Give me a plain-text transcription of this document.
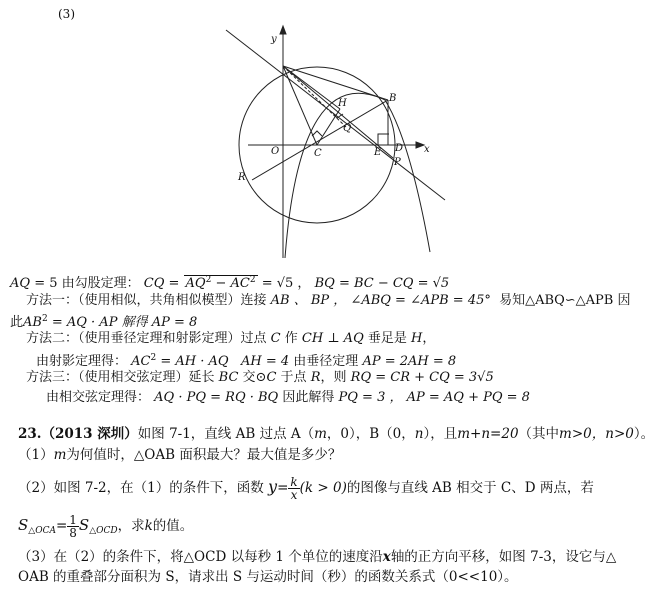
(3)
y
x
O	C	E D
P
B
H
Q
R
AQ = 5 由勾股定理： CQ = $AQ^2 - AC^2 = √5$ ， BQ = BC − CQ = √5
方法一：（使用相似，共角相似模型）连接 AB 、 BP ， ∠ABQ = ∠APB = 45° 易知△ABQ∽△APB 因
此$AB^2$ = AQ · AP 解得 AP = 8
方法二：（使用垂径定理和射影定理）过点 C 作 CH ⊥ AQ 垂足是 H，
由射影定理得： $AC^2$ = AH · AQ AH = 4 由垂径定理 AP = 2AH = 8
方法三：（使用相交弦定理）延长 BC 交⊙C 于点 R，则 RQ = CR + CQ = 3√5
由相交弦定理得： AQ · PQ = RQ · BQ 因此解得 PQ = 3 ， AP = AQ + PQ = 8
23.（2013 深圳）如图 7-1，直线 AB 过点 A（m，0），B（0，n），且m+n=20（其中m>0，n>0）。
（1）m为何值时，△OAB 面积最大？最大值是多少？
（2）如图 7-2，在（1）的条件下，函数 $y= \frac{k}{x} (k > 0)$的图像与直线 AB 相交于 C、D 两点，若
$S_{\triangle OCA}= \frac{1}{8} S_{\triangle OCD}$，求k的值。
（3）在（2）的条件下，将△OCD 以每秒 1 个单位的速度沿x轴的正方向平移，如图 7-3，设它与△
OAB 的重叠部分面积为 S，请求出 S 与运动时间（秒）的函数关系式（0<<10）。
